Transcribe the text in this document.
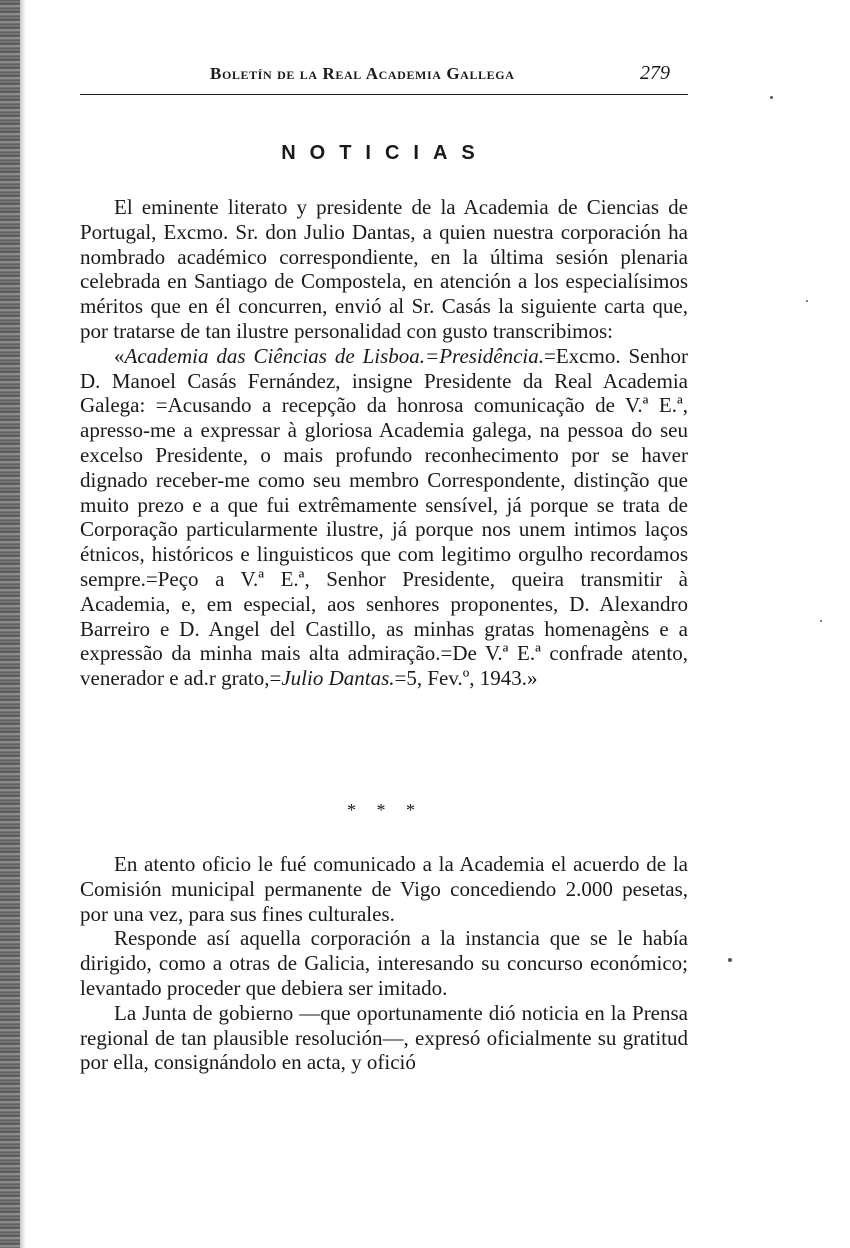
Boletín de la Real Academia Gallega	279
NOTICIAS

El eminente literato y presidente de la Academia de Ciencias de Portugal, Excmo. Sr. don Julio Dantas, a quien nuestra corporación ha nombrado académico correspondiente, en la última sesión plenaria celebrada en Santiago de Compostela, en atención a los especialísimos méritos que en él concurren, envió al Sr. Casás la siguiente carta que, por tratarse de tan ilustre personalidad con gusto transcribimos:

«Academia das Ciências de Lisboa.=Presidência.=Excmo. Senhor D. Manoel Casás Fernández, insigne Presidente da Real Academia Galega: =Acusando a recepção da honrosa comunicação de V.ª E.ª, apresso-me a expressar à gloriosa Academia galega, na pessoa do seu excelso Presidente, o mais profundo reconhecimento por se haver dignado receber-me como seu membro Correspondente, distinção que muito prezo e a que fui extrêmamente sensível, já porque se trata de Corporação particularmente ilustre, já porque nos unem intimos laços étnicos, históricos e linguisticos que com legitimo orgulho recordamos sempre.=Peço a V.ª E.ª, Senhor Presidente, queira transmitir à Academia, e, em especial, aos senhores proponentes, D. Alexandro Barreiro e D. Angel del Castillo, as minhas gratas homenagèns e a expressão da minha mais alta admiração.=De V.ª E.ª confrade atento, venerador e ad.r grato,=Julio Dantas.=5, Fev.º, 1943.»

* * *

En atento oficio le fué comunicado a la Academia el acuerdo de la Comisión municipal permanente de Vigo concediendo 2.000 pesetas, por una vez, para sus fines culturales.

Responde así aquella corporación a la instancia que se le había dirigido, como a otras de Galicia, interesando su concurso económico; levantado proceder que debiera ser imitado.

La Junta de gobierno —que oportunamente dió noticia en la Prensa regional de tan plausible resolución—, expresó oficialmente su gratitud por ella, consignándolo en acta, y ofició
